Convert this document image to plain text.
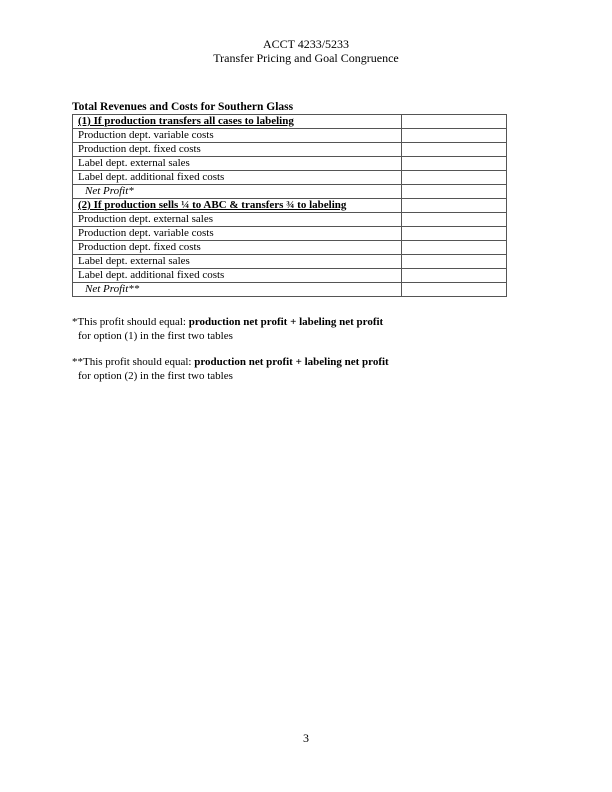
ACCT 4233/5233
Transfer Pricing and Goal Congruence
Total Revenues and Costs for Southern Glass
(1) If production transfers all cases to labeling	
Production dept. variable costs	
Production dept. fixed costs	
Label dept. external sales	
Label dept. additional fixed costs	
Net Profit*	
(2) If production sells ¼ to ABC & transfers ¾ to labeling	
Production dept. external sales	
Production dept. variable costs	
Production dept. fixed costs	
Label dept. external sales	
Label dept. additional fixed costs	
Net Profit**	
*This profit should equal: production net profit + labeling net profit
for option (1) in the first two tables
**This profit should equal: production net profit + labeling net profit
for option (2) in the first two tables
3
